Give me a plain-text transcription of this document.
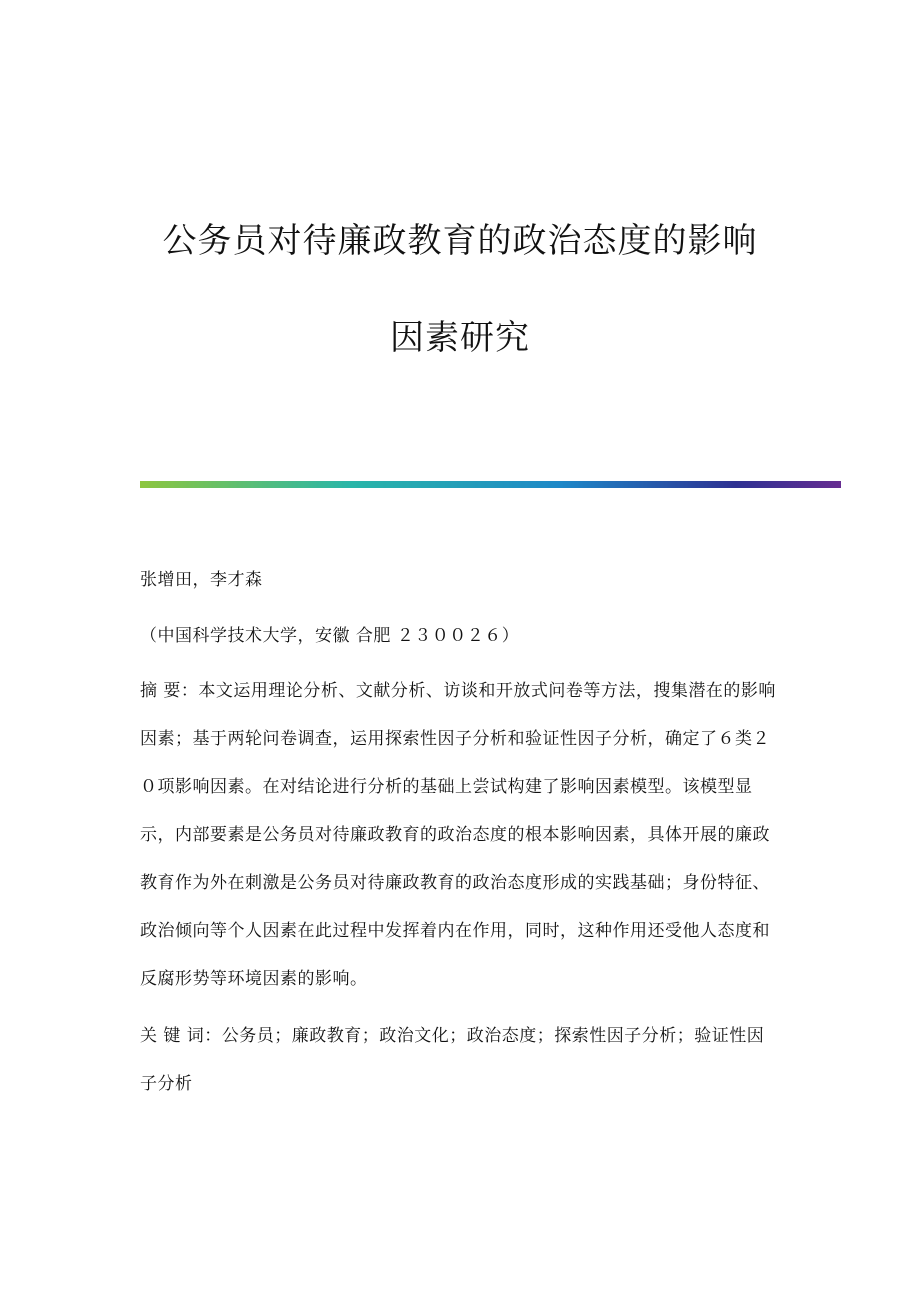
公务员对待廉政教育的政治态度的影响
因素研究

张增田，李才森

（中国科学技术大学，安徽 合肥 ２３００２６）

摘 要：本文运用理论分析、文献分析、访谈和开放式问卷等方法，搜集潜在的影响因素；基于两轮问卷调查，运用探索性因子分析和验证性因子分析，确定了６类２０项影响因素。在对结论进行分析的基础上尝试构建了影响因素模型。该模型显示，内部要素是公务员对待廉政教育的政治态度的根本影响因素，具体开展的廉政教育作为外在刺激是公务员对待廉政教育的政治态度形成的实践基础；身份特征、政治倾向等个人因素在此过程中发挥着内在作用，同时，这种作用还受他人态度和反腐形势等环境因素的影响。

关 键 词：公务员；廉政教育；政治文化；政治态度；探索性因子分析；验证性因子分析
